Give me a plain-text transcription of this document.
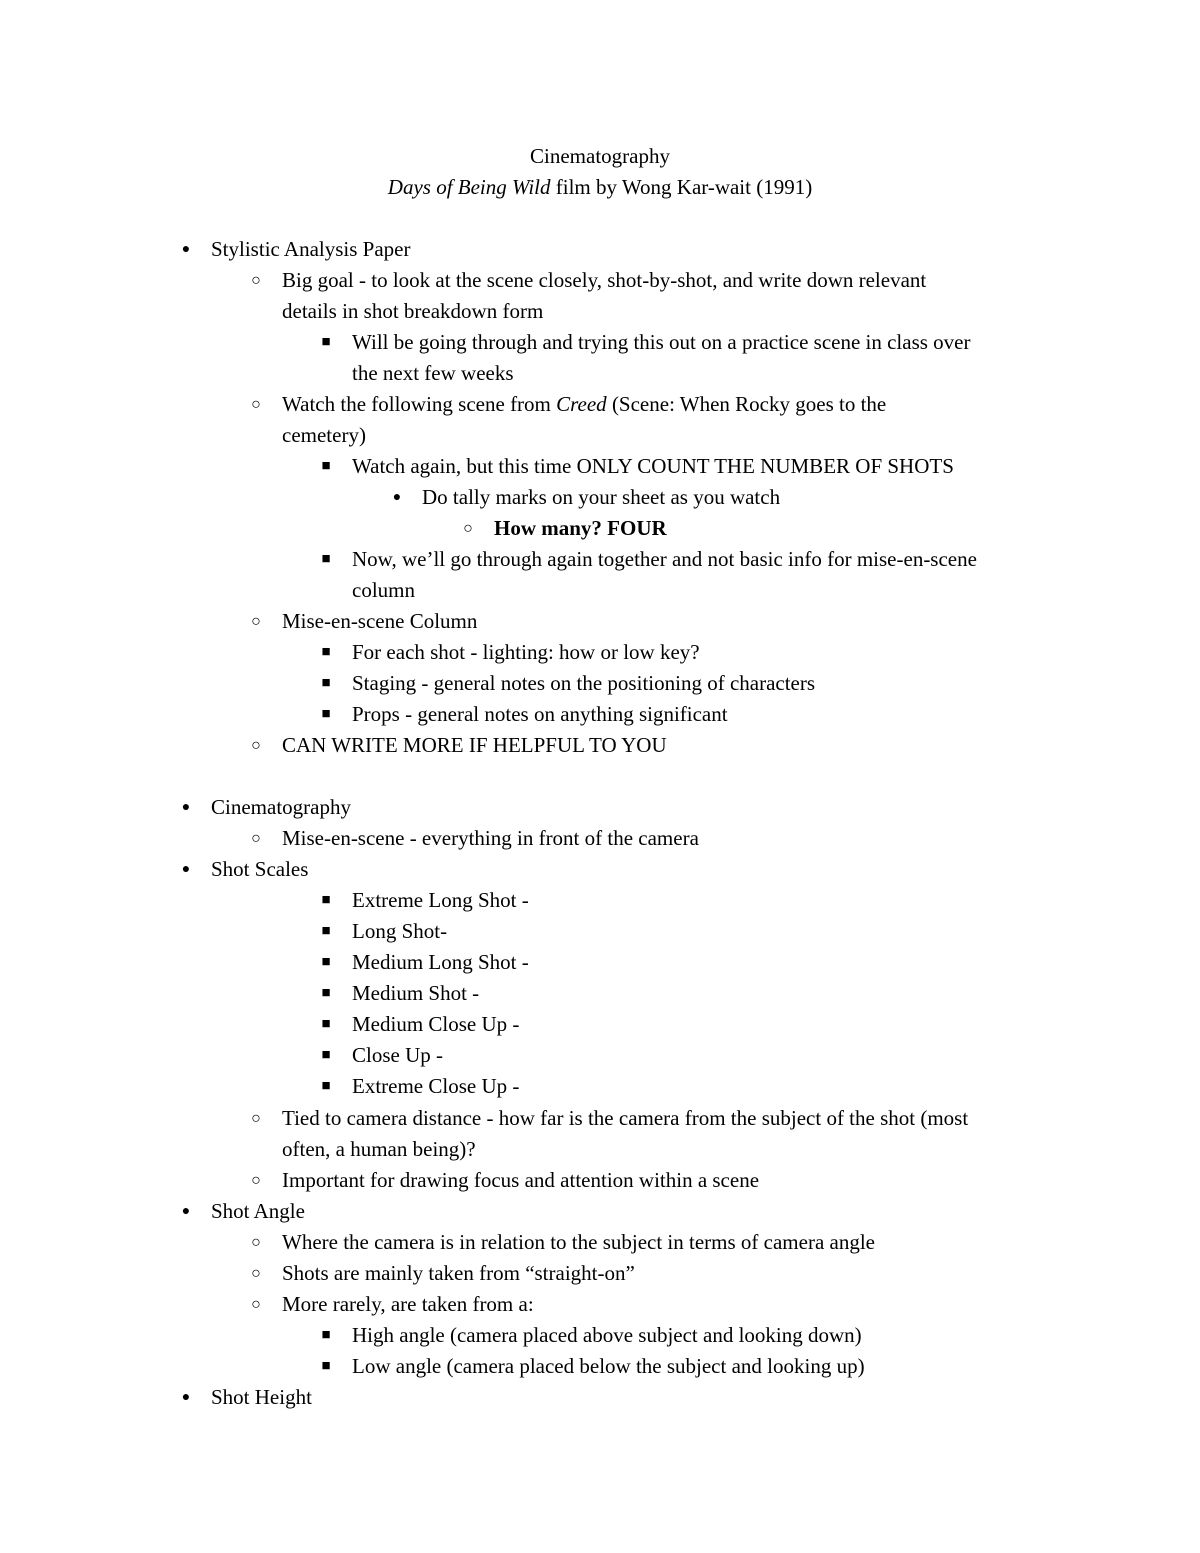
Cinematography
Days of Being Wild film by Wong Kar-wait (1991)
● Stylistic Analysis Paper
○	Big goal - to look at the scene closely, shot-by-shot, and write down relevant
details in shot breakdown form
■	Will be going through and trying this out on a practice scene in class over
the next few weeks
○	Watch the following scene from Creed (Scene: When Rocky goes to the
cemetery)
■	Watch again, but this time ONLY COUNT THE NUMBER OF SHOTS
● Do tally marks on your sheet as you watch
○	How many? FOUR
■	Now, we’ll go through again together and not basic info for mise-en-scene
column
○	Mise-en-scene Column
■	For each shot - lighting: how or low key?
■	Staging - general notes on the positioning of characters
■	Props - general notes on anything significant
○	CAN WRITE MORE IF HELPFUL TO YOU
● Cinematography
○	Mise-en-scene - everything in front of the camera
● Shot Scales
■	Extreme Long Shot -
■	Long Shot-
■	Medium Long Shot -
■	Medium Shot -
■	Medium Close Up -
■	Close Up -
■	Extreme Close Up -
○	Tied to camera distance - how far is the camera from the subject of the shot (most
often, a human being)?
○	Important for drawing focus and attention within a scene
● Shot Angle
○	Where the camera is in relation to the subject in terms of camera angle
○	Shots are mainly taken from “straight-on”
○	More rarely, are taken from a:
■	High angle (camera placed above subject and looking down)
■	Low angle (camera placed below the subject and looking up)
● Shot Height
